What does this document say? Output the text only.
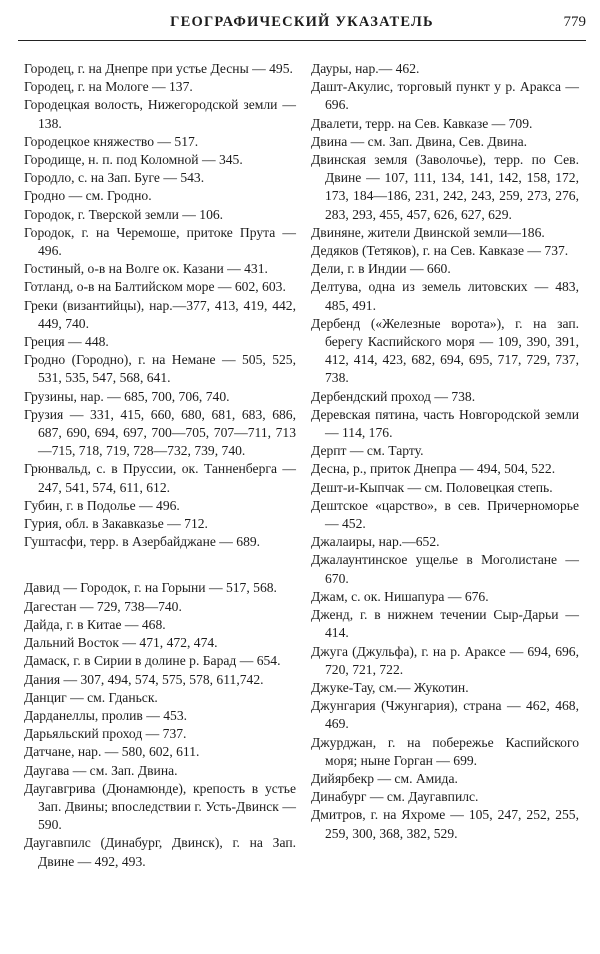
ГЕОГРАФИЧЕСКИЙ УКАЗАТЕЛЬ	779

Городец, г. на Днепре при устье Десны — 495.

Городец, г. на Мологе — 137.

Городецкая волость, Нижегородской земли — 138.

Городецкое княжество — 517.

Городище, н. п. под Коломной — 345.

Городло, с. на Зап. Буге — 543.

Гродно — см. Гродно.

Городок, г. Тверской земли — 106.

Городок, г. на Черемоше, притоке Прута — 496.

Гостиный, о-в на Волге ок. Казани — 431.

Готланд, о-в на Балтийском море — 602, 603.

Греки (византийцы), нар.—377, 413, 419, 442, 449, 740.

Греция — 448.

Гродно (Городно), г. на Немане — 505, 525, 531, 535, 547, 568, 641.

Грузины, нар. — 685, 700, 706, 740.

Грузия — 331, 415, 660, 680, 681, 683, 686, 687, 690, 694, 697, 700—705, 707—711, 713—715, 718, 719, 728—732, 739, 740.

Грюнвальд, с. в Пруссии, ок. Танненберга — 247, 541, 574, 611, 612.

Губин, г. в Подолье — 496.

Гурия, обл. в Закавказье — 712.

Гуштасфи, терр. в Азербайджане — 689.

Давид — Городок, г. на Горыни — 517, 568.

Дагестан — 729, 738—740.

Дайда, г. в Китае — 468.

Дальний Восток — 471, 472, 474.

Дамаск, г. в Сирии в долине р. Барад — 654.

Дания — 307, 494, 574, 575, 578, 611,742.

Данциг — см. Гданьск.

Дарданеллы, пролив — 453.

Дарьяльский проход — 737.

Датчане, нар. — 580, 602, 611.

Даугава — см. Зап. Двина.

Даугавгрива (Дюнамюнде), крепость в устье Зап. Двины; впоследствии г. Усть-Двинск — 590.

Даугавпилс (Динабург, Двинск), г. на Зап. Двине — 492, 493.

Дауры, нар.— 462.

Дашт-Акулис, торговый пункт у р. Аракса — 696.

Двалети, терр. на Сев. Кавказе — 709.

Двина — см. Зап. Двина, Сев. Двина.

Двинская земля (Заволочье), терр. по Сев. Двине — 107, 111, 134, 141, 142, 158, 172, 173, 184—186, 231, 242, 243, 259, 273, 276, 283, 293, 455, 457, 626, 627, 629.

Двиняне, жители Двинской земли—186.

Дедяков (Тетяков), г. на Сев. Кавказе — 737.

Дели, г. в Индии — 660.

Делтува, одна из земель литовских — 483, 485, 491.

Дербенд («Железные ворота»), г. на зап. берегу Каспийского моря — 109, 390, 391, 412, 414, 423, 682, 694, 695, 717, 729, 737, 738.

Дербендский проход — 738.

Деревская пятина, часть Новгородской земли — 114, 176.

Дерпт — см. Тарту.

Десна, р., приток Днепра — 494, 504, 522.

Дешт-и-Кыпчак — см. Половецкая степь.

Дештское «царство», в сев. Причерноморье — 452.

Джалаиры, нар.—652.

Джалаунтинское ущелье в Моголистане — 670.

Джам, с. ок. Нишапура — 676.

Дженд, г. в нижнем течении Сыр-Дарьи — 414.

Джуга (Джульфа), г. на р. Араксе — 694, 696, 720, 721, 722.

Джуке-Тау, см.— Жукотин.

Джунгария (Чжунгария), страна — 462, 468, 469.

Джурджан, г. на побережье Каспийского моря; ныне Горган — 699.

Дийярбекр — см. Амида.

Динабург — см. Даугавпилс.

Дмитров, г. на Яхроме — 105, 247, 252, 255, 259, 300, 368, 382, 529.
